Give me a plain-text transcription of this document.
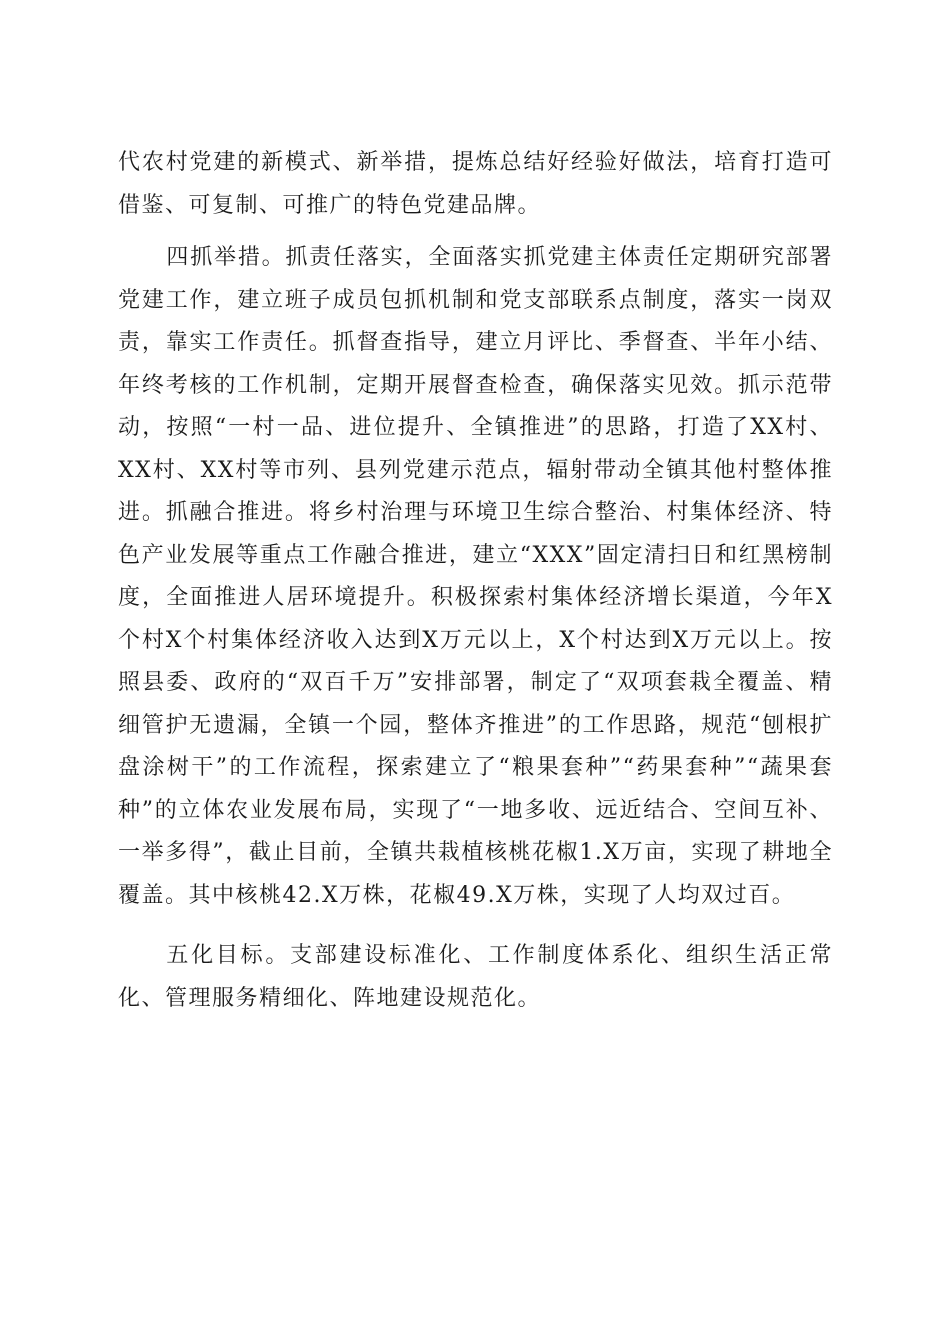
代农村党建的新模式、新举措，提炼总结好经验好做法，培育打造可借鉴、可复制、可推广的特色党建品牌。

四抓举措。抓责任落实，全面落实抓党建主体责任定期研究部署党建工作，建立班子成员包抓机制和党支部联系点制度，落实一岗双责，靠实工作责任。抓督查指导，建立月评比、季督查、半年小结、年终考核的工作机制，定期开展督查检查，确保落实见效。抓示范带动，按照“一村一品、进位提升、全镇推进”的思路，打造了XX村、XX村、XX村等市列、县列党建示范点，辐射带动全镇其他村整体推进。抓融合推进。将乡村治理与环境卫生综合整治、村集体经济、特色产业发展等重点工作融合推进，建立“XXX”固定清扫日和红黑榜制度，全面推进人居环境提升。积极探索村集体经济增长渠道，今年X个村X个村集体经济收入达到X万元以上，X个村达到X万元以上。按照县委、政府的“双百千万”安排部署，制定了“双项套栽全覆盖、精细管护无遗漏，全镇一个园，整体齐推进”的工作思路，规范“刨根扩盘涂树干”的工作流程，探索建立了“粮果套种”“药果套种”“蔬果套种”的立体农业发展布局，实现了“一地多收、远近结合、空间互补、一举多得”，截止目前，全镇共栽植核桃花椒1.X万亩，实现了耕地全覆盖。其中核桃42.X万株，花椒49.X万株，实现了人均双过百。

五化目标。支部建设标准化、工作制度体系化、组织生活正常化、管理服务精细化、阵地建设规范化。
